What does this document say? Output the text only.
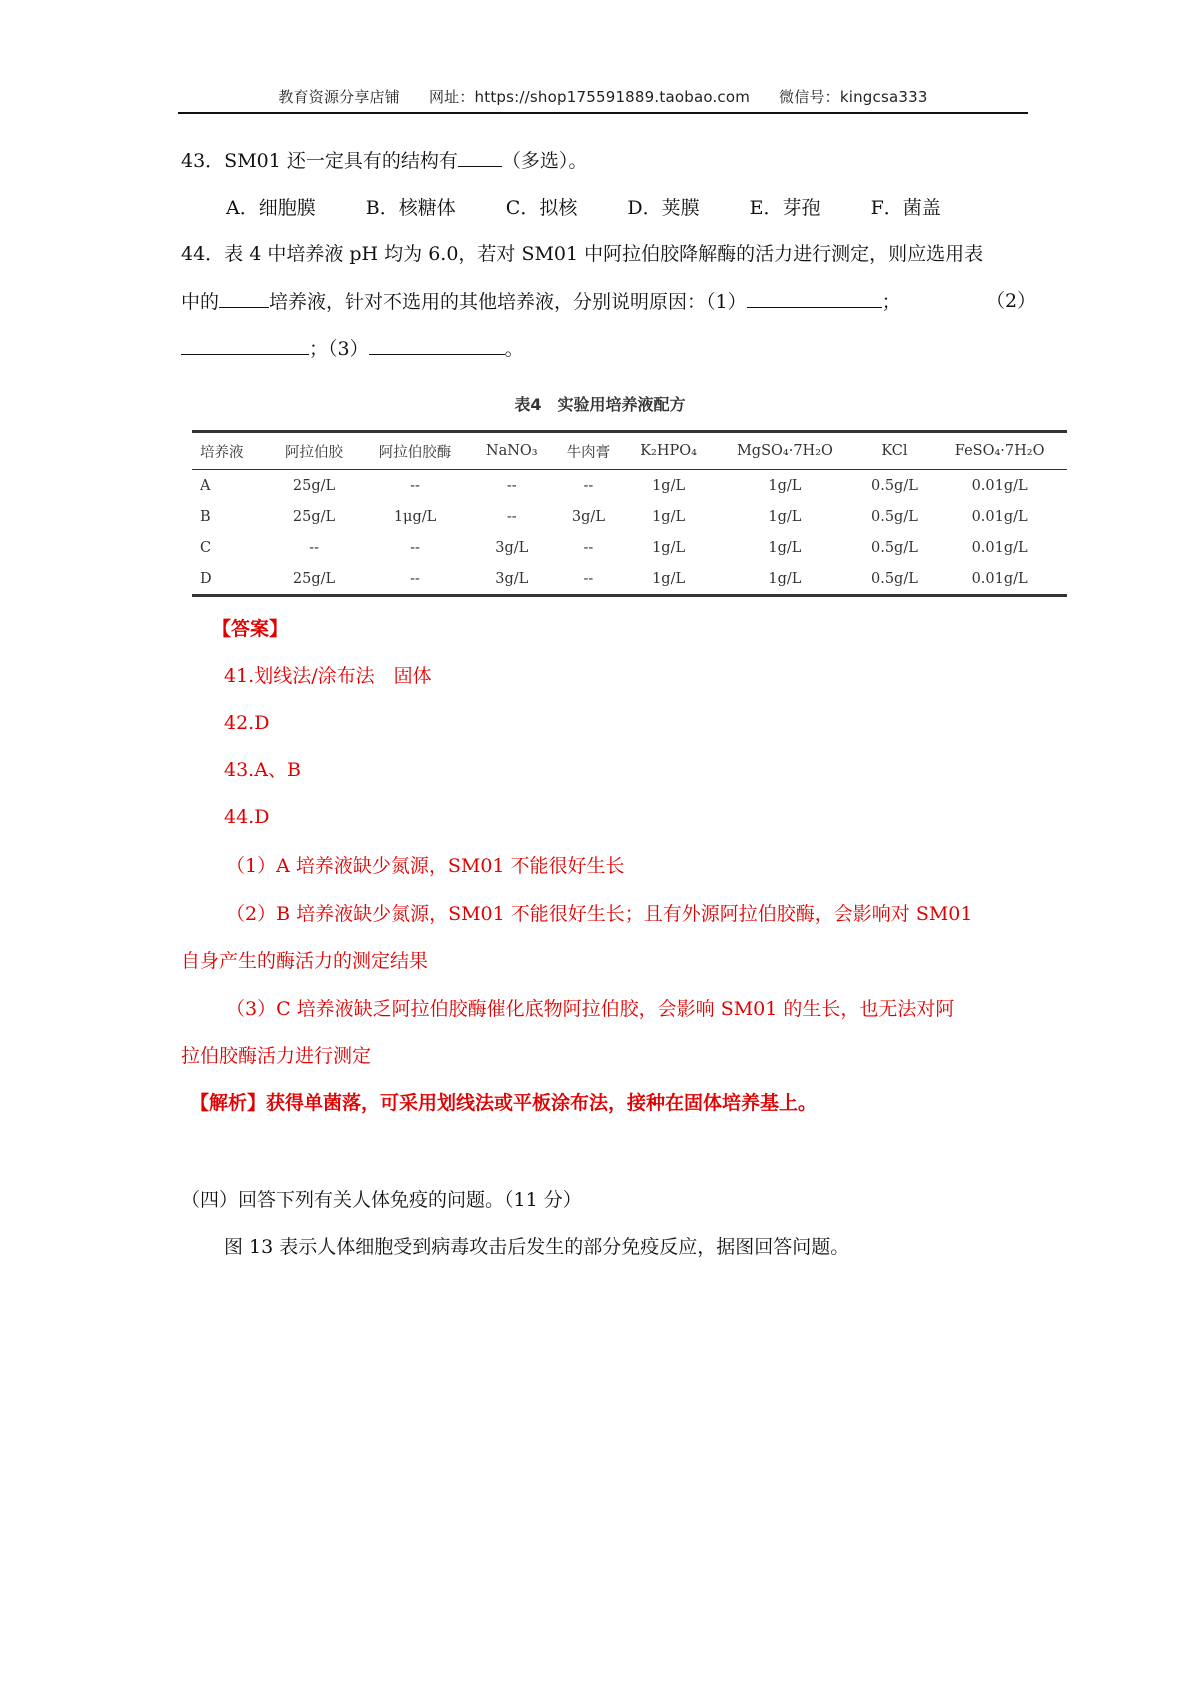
教育资源分享店铺 网址：https://shop175591889.taobao.com 微信号：kingcsa333
43．SM01 还一定具有的结构有 （多选）。
A．细胞膜	B．核糖体	C．拟核	D．荚膜	E．芽孢	F．菌盖
44．表 4 中培养液 pH 均为 6.0，若对 SM01 中阿拉伯胶降解酶的活力进行测定，则应选用表
中的	培养液，针对不选用的其他培养液，分别说明原因：（1）	；	（2）
；（3）	。
表4　实验用培养液配方
培养液	阿拉伯胶	阿拉伯胶酶	NaNO₃	牛肉膏	K₂HPO₄	MgSO₄·7H₂O	KCl	FeSO₄·7H₂O
A	25g/L	--	--	--	1g/L	1g/L	0.5g/L	0.01g/L
B	25g/L	1μg/L	--	3g/L	1g/L	1g/L	0.5g/L	0.01g/L
C	--	--	3g/L	--	1g/L	1g/L	0.5g/L	0.01g/L
D	25g/L	--	3g/L	--	1g/L	1g/L	0.5g/L	0.01g/L
【答案】
41.划线法/涂布法　固体
42.D
43.A、B
44.D
（1）A 培养液缺少氮源，SM01 不能很好生长
（2）B 培养液缺少氮源，SM01 不能很好生长；且有外源阿拉伯胶酶，会影响对 SM01
自身产生的酶活力的测定结果
（3）C 培养液缺乏阿拉伯胶酶催化底物阿拉伯胶，会影响 SM01 的生长，也无法对阿
拉伯胶酶活力进行测定
【解析】获得单菌落，可采用划线法或平板涂布法，接种在固体培养基上。
（四）回答下列有关人体免疫的问题。（11 分）
图 13 表示人体细胞受到病毒攻击后发生的部分免疫反应，据图回答问题。
